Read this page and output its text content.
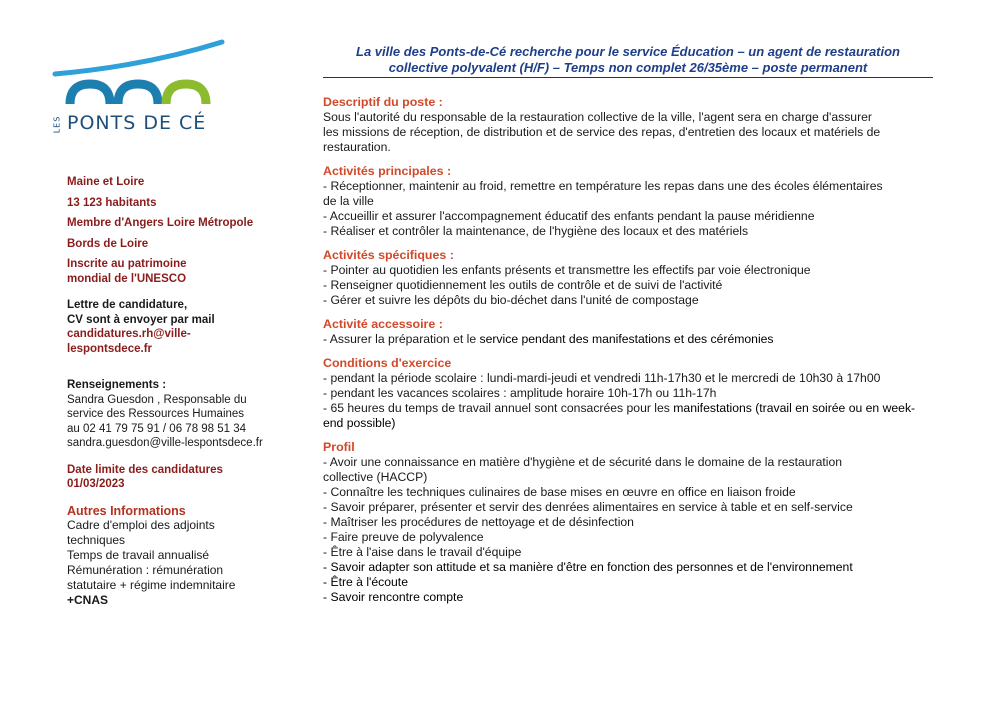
LES PONTS DE CÉ

Maine et Loire

13 123 habitants

Membre d'Angers Loire Métropole

Bords de Loire

Inscrite au patrimoine

mondial de l'UNESCO

Lettre de candidature,

CV sont à envoyer par mail

candidatures.rh@ville-

lespontsdece.fr

Renseignements :

Sandra Guesdon , Responsable du

service des Ressources Humaines

au 02 41 79 75 91 / 06 78 98 51 34

sandra.guesdon@ville-lespontsdece.fr

Date limite des candidatures

01/03/2023

Autres Informations

Cadre d'emploi des adjoints

techniques

Temps de travail annualisé

Rémunération : rémunération

statutaire + régime indemnitaire

+CNAS

La ville des Ponts-de-Cé recherche pour le service Éducation – un agent de restauration
collective polyvalent (H/F) – Temps non complet 26/35ème – poste permanent

Descriptif du poste :

Sous l'autorité du responsable de la restauration collective de la ville, l'agent sera en charge d'assurer

les missions de réception, de distribution et de service des repas, d'entretien des locaux et matériels de

restauration.

Activités principales :

- Réceptionner, maintenir au froid, remettre en température les repas dans une des écoles élémentaires

de la ville

- Accueillir et assurer l'accompagnement éducatif des enfants pendant la pause méridienne

- Réaliser et contrôler la maintenance, de l'hygiène des locaux et des matériels

Activités spécifiques :

- Pointer au quotidien les enfants présents et transmettre les effectifs par voie électronique

- Renseigner quotidiennement les outils de contrôle et de suivi de l'activité

- Gérer et suivre les dépôts du bio-déchet dans l'unité de compostage

Activité accessoire :

- Assurer la préparation et le service pendant des manifestations et des cérémonies

Conditions d'exercice

- pendant la période scolaire : lundi-mardi-jeudi et vendredi 11h-17h30 et le mercredi de 10h30 à 17h00

- pendant les vacances scolaires : amplitude horaire 10h-17h ou 11h-17h

- 65 heures du temps de travail annuel sont consacrées pour les manifestations (travail en soirée ou en week-end possible)

Profil

- Avoir une connaissance en matière d'hygiène et de sécurité dans le domaine de la restauration

collective (HACCP)

- Connaître les techniques culinaires de base mises en œuvre en office en liaison froide

- Savoir préparer, présenter et servir des denrées alimentaires en service à table et en self-service

- Maîtriser les procédures de nettoyage et de désinfection

- Faire preuve de polyvalence

- Être à l'aise dans le travail d'équipe

- Savoir adapter son attitude et sa manière d'être en fonction des personnes et de l'environnement

- Être à l'écoute

- Savoir rencontre compte
